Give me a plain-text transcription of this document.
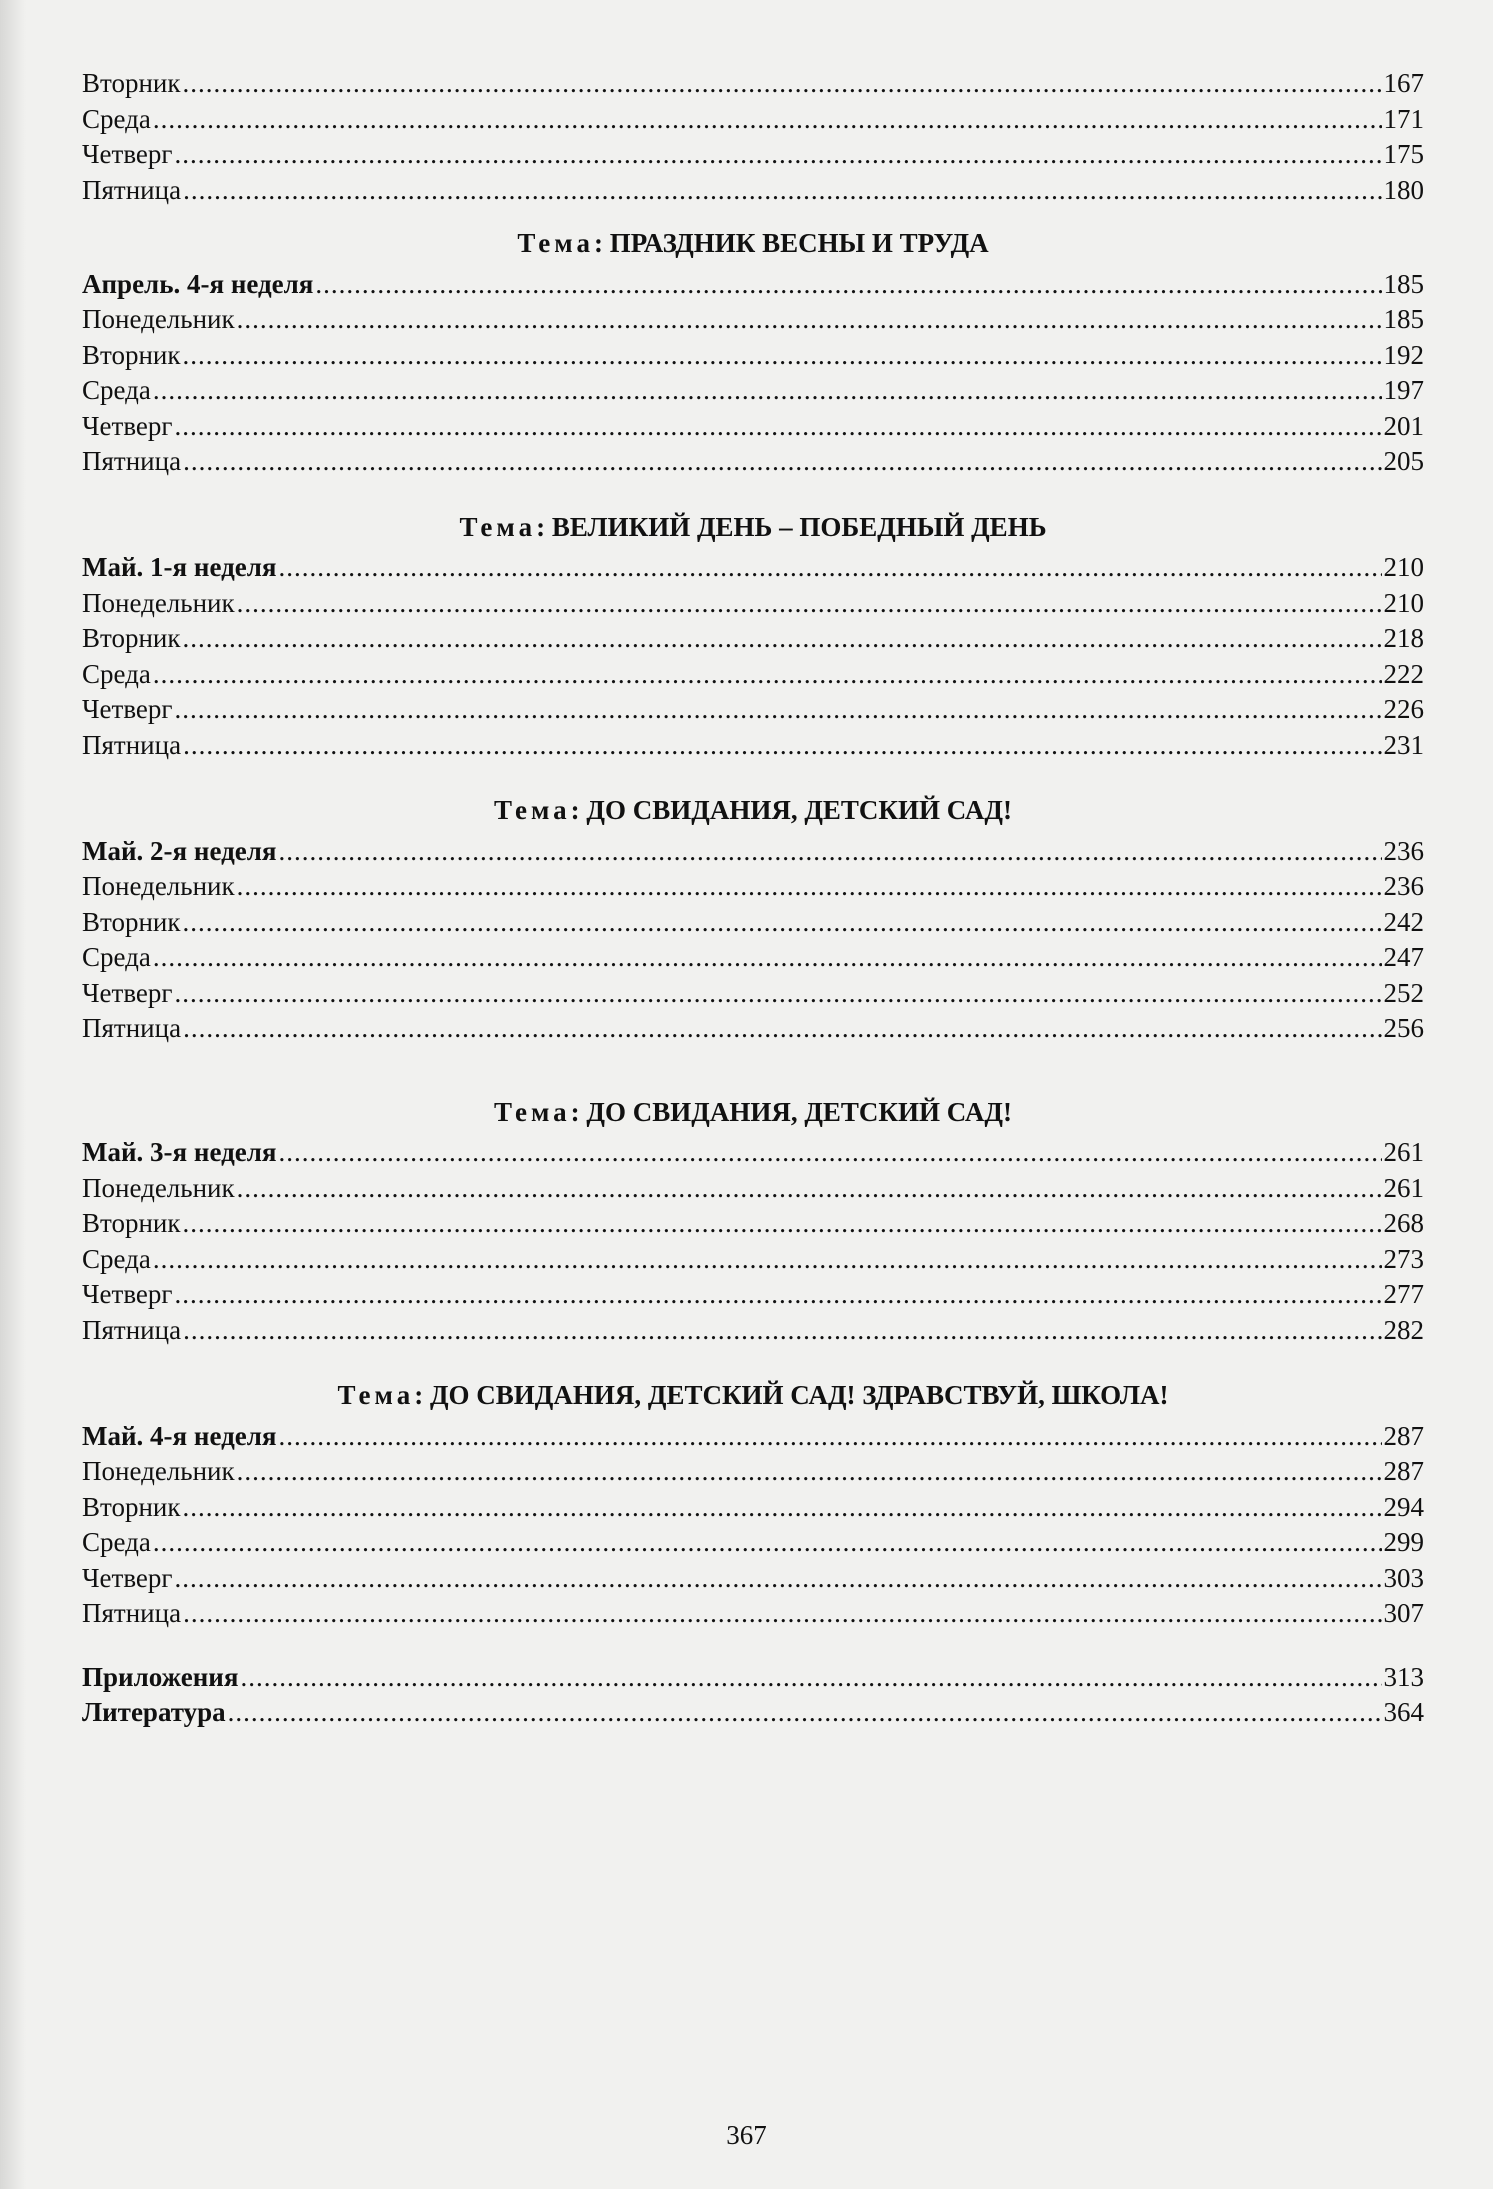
Вторник .....	167
Среда .....	171
Четверг .....	175
Пятница .....	180
Тема: ПРАЗДНИК ВЕСНЫ И ТРУДА
Апрель. 4-я неделя .....	185
Понедельник .....	185
Вторник .....	192
Среда .....	197
Четверг .....	201
Пятница .....	205
Тема: ВЕЛИКИЙ ДЕНЬ – ПОБЕДНЫЙ ДЕНЬ
Май. 1-я неделя .....	210
Понедельник .....	210
Вторник .....	218
Среда .....	222
Четверг .....	226
Пятница .....	231
Тема: ДО СВИДАНИЯ, ДЕТСКИЙ САД!
Май. 2-я неделя .....	236
Понедельник .....	236
Вторник .....	242
Среда .....	247
Четверг .....	252
Пятница .....	256
Тема: ДО СВИДАНИЯ, ДЕТСКИЙ САД!
Май. 3-я неделя .....	261
Понедельник .....	261
Вторник .....	268
Среда .....	273
Четверг .....	277
Пятница .....	282
Тема: ДО СВИДАНИЯ, ДЕТСКИЙ САД! ЗДРАВСТВУЙ, ШКОЛА!
Май. 4-я неделя .....	287
Понедельник .....	287
Вторник .....	294
Среда .....	299
Четверг .....	303
Пятница .....	307
Приложения .....	313
Литература .....	364
367
